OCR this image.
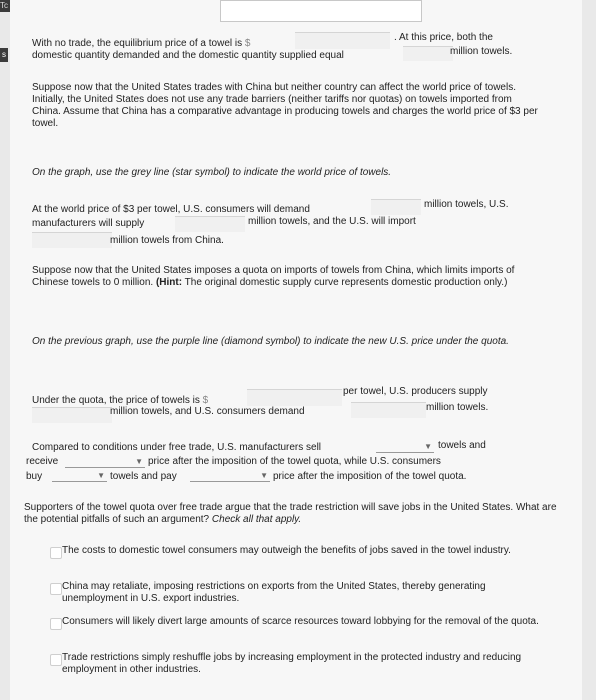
Tc
s
With no trade, the equilibrium price of a towel is $
. At this price, both the
domestic quantity demanded and the domestic quantity supplied equal	million towels.
Suppose now that the United States trades with China but neither country can affect the world price of towels. Initially, the United States does not use any trade barriers (neither tariffs nor quotas) on towels imported from China. Assume that China has a comparative advantage in producing towels and charges the world price of $3 per towel.
On the graph, use the grey line (star symbol) to indicate the world price of towels.
At the world price of $3 per towel, U.S. consumers will demand	million towels, U.S.
manufacturers will supply	million towels, and the U.S. will import
million towels from China.
Suppose now that the United States imposes a quota on imports of towels from China, which limits imports of Chinese towels to 0 million. (Hint: The original domestic supply curve represents domestic production only.)
On the previous graph, use the purple line (diamond symbol) to indicate the new U.S. price under the quota.
Under the quota, the price of towels is $
per towel, U.S. producers supply
million towels, and U.S. consumers demand	million towels.
Compared to conditions under free trade, U.S. manufacturers sell	▼ towels and
receive	▼ price after the imposition of the towel quota, while U.S. consumers
buy	▼ towels and pay	▼ price after the imposition of the towel quota.
Supporters of the towel quota over free trade argue that the trade restriction will save jobs in the United States. What are the potential pitfalls of such an argument? Check all that apply.
The costs to domestic towel consumers may outweigh the benefits of jobs saved in the towel industry.
China may retaliate, imposing restrictions on exports from the United States, thereby generating unemployment in U.S. export industries.
Consumers will likely divert large amounts of scarce resources toward lobbying for the removal of the quota.
Trade restrictions simply reshuffle jobs by increasing employment in the protected industry and reducing employment in other industries.
